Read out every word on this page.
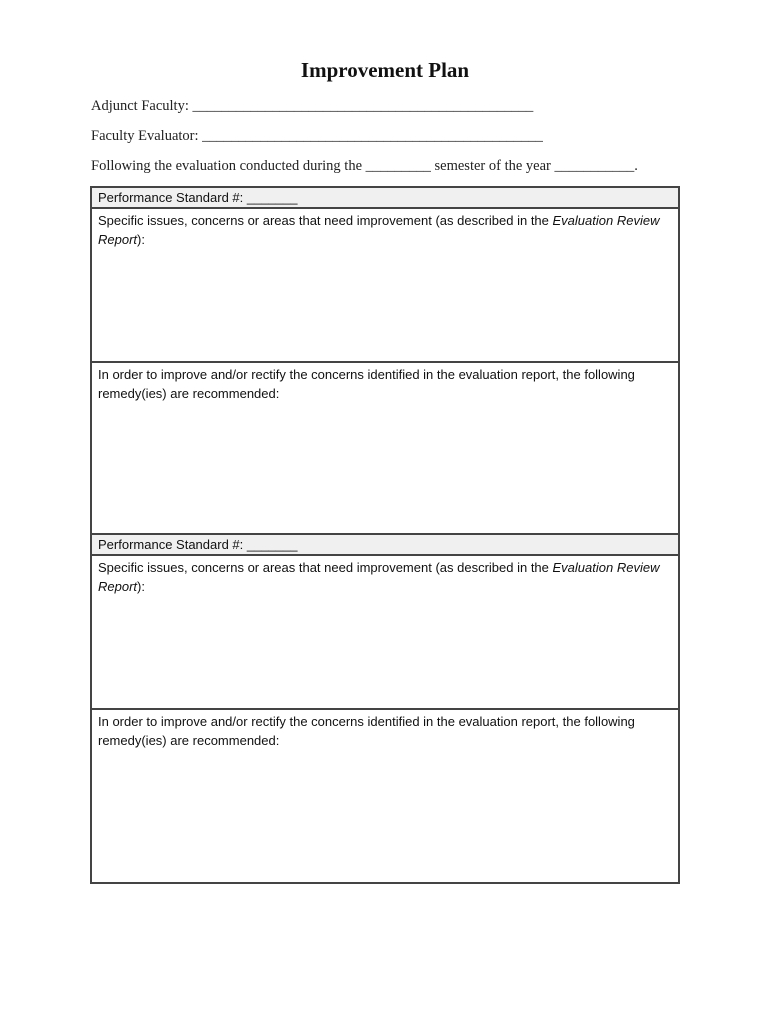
Improvement Plan
Adjunct Faculty: _______________________________________________
Faculty Evaluator: _______________________________________________
Following the evaluation conducted during the _________ semester of the year ___________.
Performance Standard #: _______
Specific issues, concerns or areas that need improvement (as described in the Evaluation Review Report):
In order to improve and/or rectify the concerns identified in the evaluation report, the following remedy(ies) are recommended:
Performance Standard #: _______
Specific issues, concerns or areas that need improvement (as described in the Evaluation Review Report):
In order to improve and/or rectify the concerns identified in the evaluation report, the following remedy(ies) are recommended:
